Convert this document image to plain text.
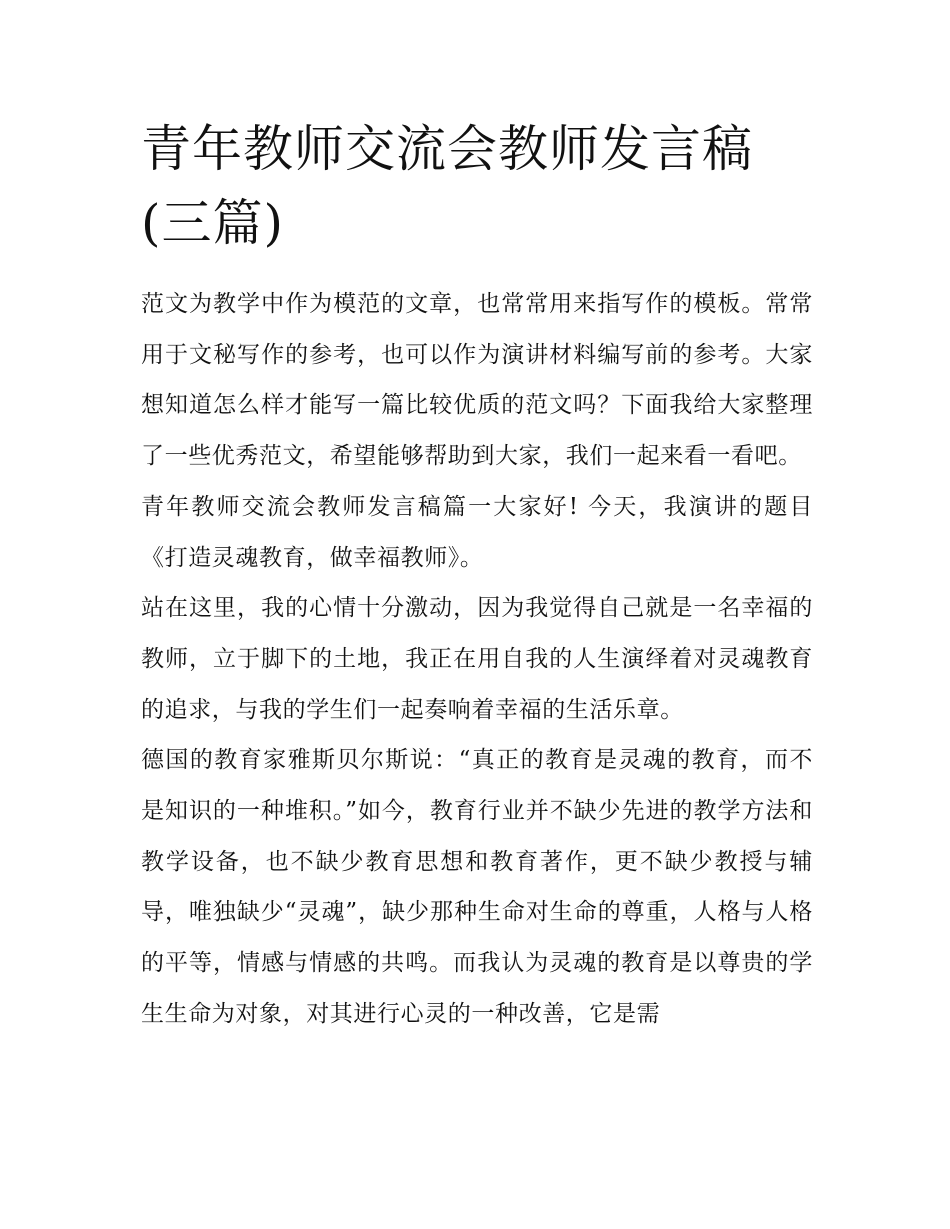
青年教师交流会教师发言稿(三篇)

范文为教学中作为模范的文章，也常常用来指写作的模板。常常用于文秘写作的参考，也可以作为演讲材料编写前的参考。大家想知道怎么样才能写一篇比较优质的范文吗？下面我给大家整理了一些优秀范文，希望能够帮助到大家，我们一起来看一看吧。

青年教师交流会教师发言稿篇一大家好! 今天，我演讲的题目《打造灵魂教育，做幸福教师》。

站在这里，我的心情十分激动，因为我觉得自己就是一名幸福的教师，立于脚下的土地，我正在用自我的人生演绎着对灵魂教育的追求，与我的学生们一起奏响着幸福的生活乐章。

德国的教育家雅斯贝尔斯说：“真正的教育是灵魂的教育，而不是知识的一种堆积。”如今，教育行业并不缺少先进的教学方法和教学设备，也不缺少教育思想和教育著作，更不缺少教授与辅导，唯独缺少“灵魂”，缺少那种生命对生命的尊重，人格与人格的平等，情感与情感的共鸣。而我认为灵魂的教育是以尊贵的学生生命为对象，对其进行心灵的一种改善，它是需
